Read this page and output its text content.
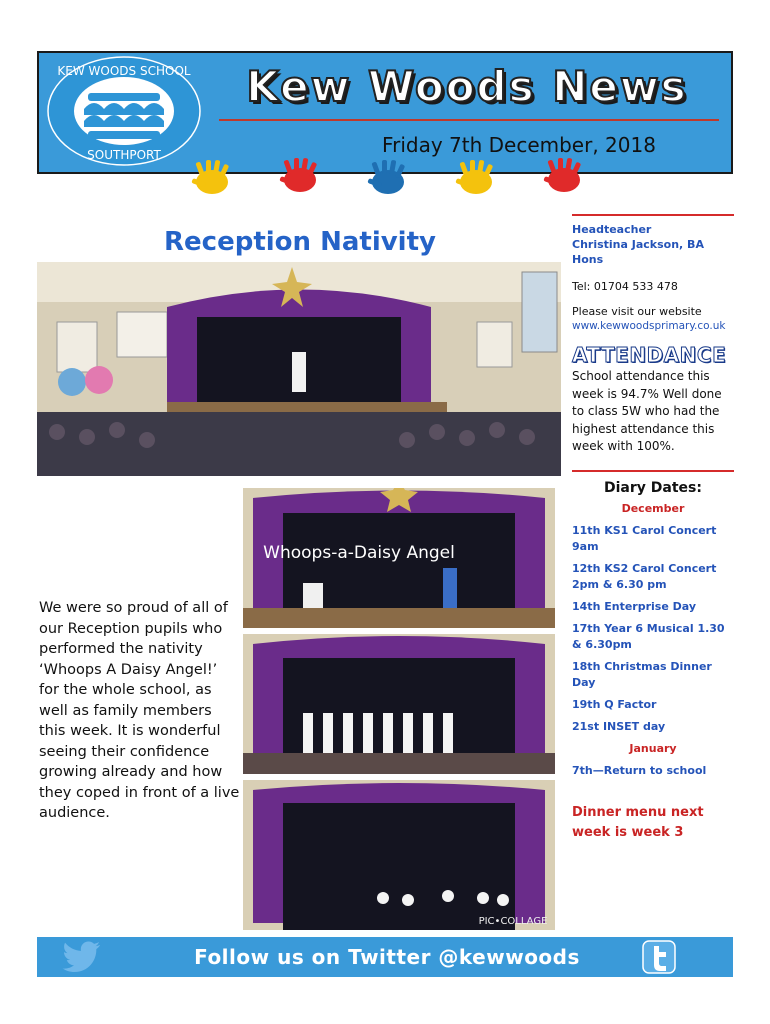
KEW WOODS SCHOOL
SOUTHPORT
Kew Woods News
Friday 7th December, 2018
Reception Nativity
We were so proud of all of our Reception pupils who performed the nativity ‘Whoops A Daisy Angel!’ for the whole school, as well as family members this week. It is wonderful seeing their confidence growing already and how they coped in front of a live audience.
Whoops-a-Daisy Angel
PIC•COLLAGE
Headteacher
Christina Jackson, BA Hons
Tel: 01704 533 478
Please visit our website
www.kewwoodsprimary.co.uk
ATTENDANCE
School attendance this week is 94.7% Well done to class 5W who had the highest attendance this week with 100%.
Diary Dates:
December
11th KS1 Carol Concert 9am
12th KS2 Carol Concert 2pm & 6.30 pm
14th Enterprise Day
17th Year 6 Musical 1.30 & 6.30pm
18th Christmas Dinner Day
19th Q Factor
21st INSET day
January
7th—Return to school
Dinner menu next week is week 3
Follow us on Twitter @kewwoods
